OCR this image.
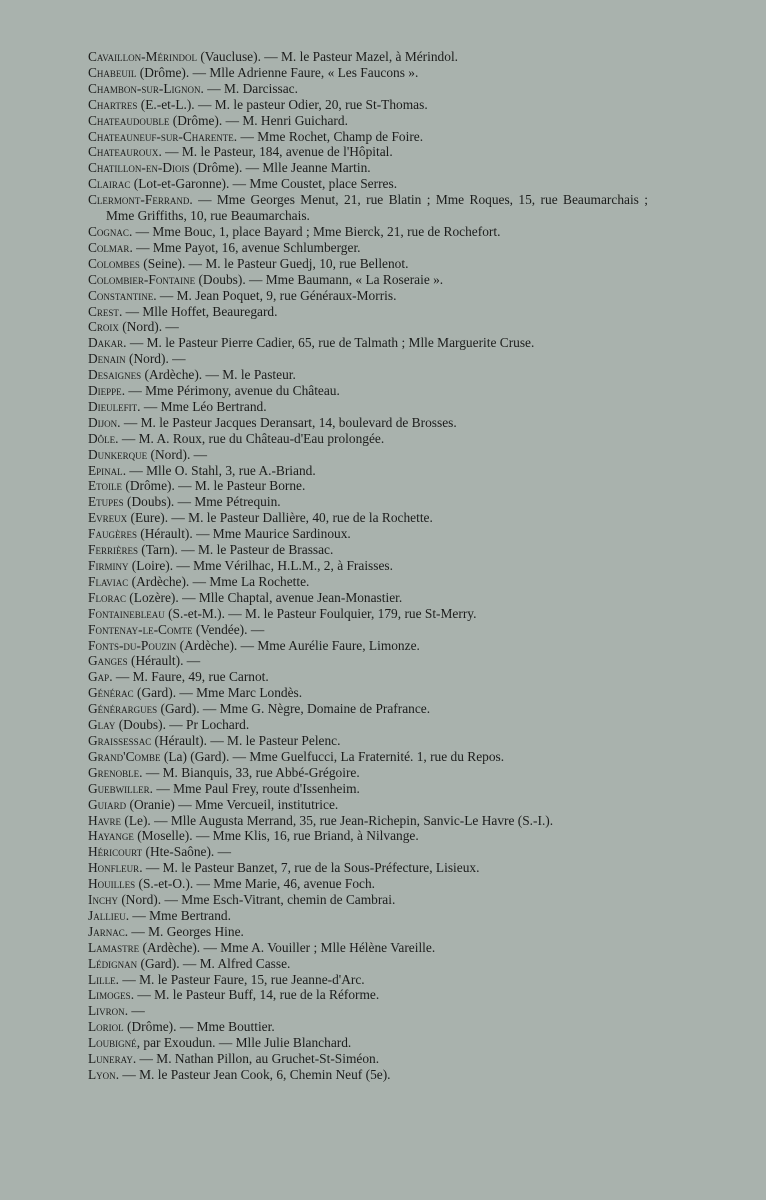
Cavaillon-Mérindol (Vaucluse). — M. le Pasteur Mazel, à Mérindol.

Chabeuil (Drôme). — Mlle Adrienne Faure, « Les Faucons ».

Chambon-sur-Lignon. — M. Darcissac.

Chartres (E.-et-L.). — M. le pasteur Odier, 20, rue St-Thomas.

Chateaudouble (Drôme). — M. Henri Guichard.

Chateauneuf-sur-Charente. — Mme Rochet, Champ de Foire.

Chateauroux. — M. le Pasteur, 184, avenue de l'Hôpital.

Chatillon-en-Diois (Drôme). — Mlle Jeanne Martin.

Clairac (Lot-et-Garonne). — Mme Coustet, place Serres.

Clermont-Ferrand. — Mme Georges Menut, 21, rue Blatin ; Mme Roques, 15, rue Beaumarchais ; Mme Griffiths, 10, rue Beaumarchais.

Cognac. — Mme Bouc, 1, place Bayard ; Mme Bierck, 21, rue de Rochefort.

Colmar. — Mme Payot, 16, avenue Schlumberger.

Colombes (Seine). — M. le Pasteur Guedj, 10, rue Bellenot.

Colombier-Fontaine (Doubs). — Mme Baumann, « La Roseraie ».

Constantine. — M. Jean Poquet, 9, rue Généraux-Morris.

Crest. — Mlle Hoffet, Beauregard.

Croix (Nord). —

Dakar. — M. le Pasteur Pierre Cadier, 65, rue de Talmath ; Mlle Marguerite Cruse.

Denain (Nord). —

Desaignes (Ardèche). — M. le Pasteur.

Dieppe. — Mme Périmony, avenue du Château.

Dieulefit. — Mme Léo Bertrand.

Dijon. — M. le Pasteur Jacques Deransart, 14, boulevard de Brosses.

Dôle. — M. A. Roux, rue du Château-d'Eau prolongée.

Dunkerque (Nord). —

Epinal. — Mlle O. Stahl, 3, rue A.-Briand.

Etoile (Drôme). — M. le Pasteur Borne.

Etupes (Doubs). — Mme Pétrequin.

Evreux (Eure). — M. le Pasteur Dallière, 40, rue de la Rochette.

Faugères (Hérault). — Mme Maurice Sardinoux.

Ferrières (Tarn). — M. le Pasteur de Brassac.

Firminy (Loire). — Mme Vérilhac, H.L.M., 2, à Fraisses.

Flaviac (Ardèche). — Mme La Rochette.

Florac (Lozère). — Mlle Chaptal, avenue Jean-Monastier.

Fontainebleau (S.-et-M.). — M. le Pasteur Foulquier, 179, rue St-Merry.

Fontenay-le-Comte (Vendée). —

Fonts-du-Pouzin (Ardèche). — Mme Aurélie Faure, Limonze.

Ganges (Hérault). —

Gap. — M. Faure, 49, rue Carnot.

Générac (Gard). — Mme Marc Londès.

Générargues (Gard). — Mme G. Nègre, Domaine de Prafrance.

Glay (Doubs). — Pr Lochard.

Graissessac (Hérault). — M. le Pasteur Pelenc.

Grand'Combe (La) (Gard). — Mme Guelfucci, La Fraternité. 1, rue du Repos.

Grenoble. — M. Bianquis, 33, rue Abbé-Grégoire.

Guebwiller. — Mme Paul Frey, route d'Issenheim.

Guiard (Oranie) — Mme Vercueil, institutrice.

Havre (Le). — Mlle Augusta Merrand, 35, rue Jean-Richepin, Sanvic-Le Havre (S.-I.).

Hayange (Moselle). — Mme Klis, 16, rue Briand, à Nilvange.

Héricourt (Hte-Saône). —

Honfleur. — M. le Pasteur Banzet, 7, rue de la Sous-Préfecture, Lisieux.

Houilles (S.-et-O.). — Mme Marie, 46, avenue Foch.

Inchy (Nord). — Mme Esch-Vitrant, chemin de Cambrai.

Jallieu. — Mme Bertrand.

Jarnac. — M. Georges Hine.

Lamastre (Ardèche). — Mme A. Vouiller ; Mlle Hélène Vareille.

Lédignan (Gard). — M. Alfred Casse.

Lille. — M. le Pasteur Faure, 15, rue Jeanne-d'Arc.

Limoges. — M. le Pasteur Buff, 14, rue de la Réforme.

Livron. —

Loriol (Drôme). — Mme Bouttier.

Loubigné, par Exoudun. — Mlle Julie Blanchard.

Luneray. — M. Nathan Pillon, au Gruchet-St-Siméon.

Lyon. — M. le Pasteur Jean Cook, 6, Chemin Neuf (5e).
